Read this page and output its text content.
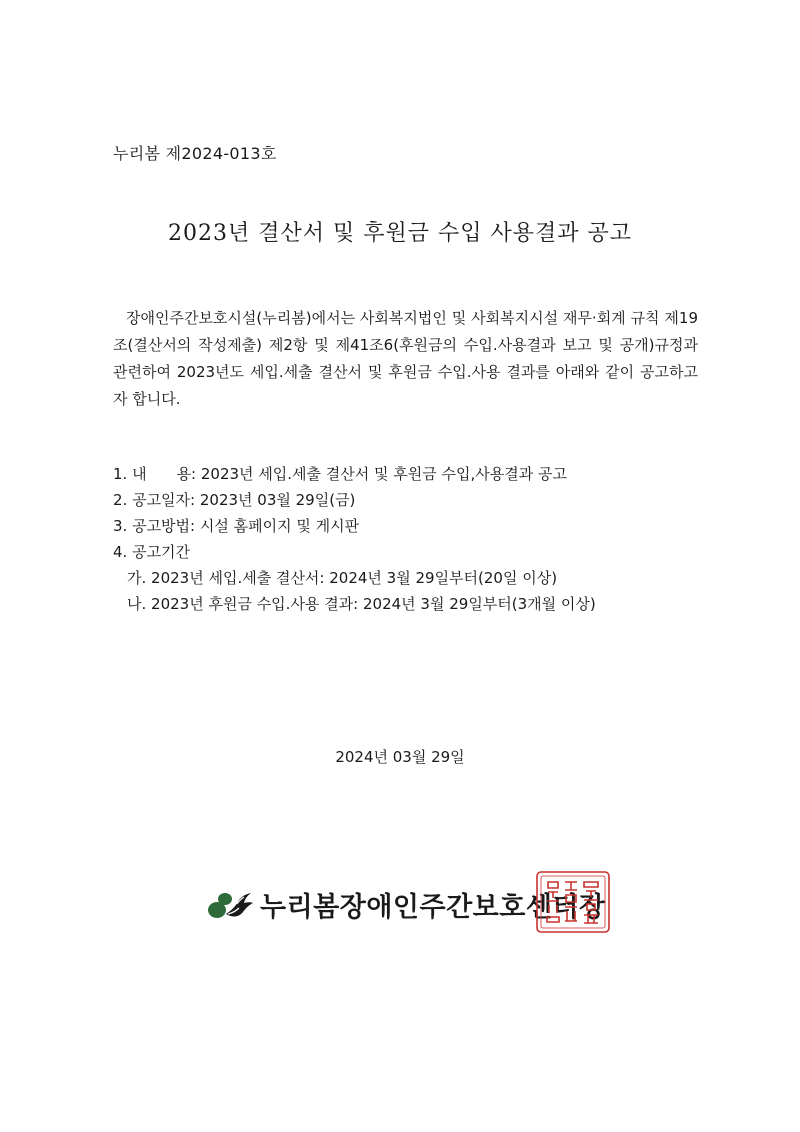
누리봄 제2024-013호
2023년 결산서 및 후원금 수입 사용결과 공고

장애인주간보호시설(누리봄)에서는 사회복지법인 및 사회복지시설 재무·회계 규칙 제19조(결산서의 작성제출) 제2항 및 제41조6(후원금의 수입.사용결과 보고 및 공개)규정과 관련하여 2023년도 세입.세출 결산서 및 후원금 수입.사용 결과를 아래와 같이 공고하고자 합니다.

1. 내　　용: 2023년 세입.세출 결산서 및 후원금 수입,사용결과 공고
2. 공고일자: 2023년 03월 29일(금)
3. 공고방법: 시설 홈페이지 및 게시판
4. 공고기간
가. 2023년 세입.세출 결산서: 2024년 3월 29일부터(20일 이상)
나. 2023년 후원금 수입.사용 결과: 2024년 3월 29일부터(3개월 이상)
2024년 03월 29일
누리봄장애인주간보호센터장
